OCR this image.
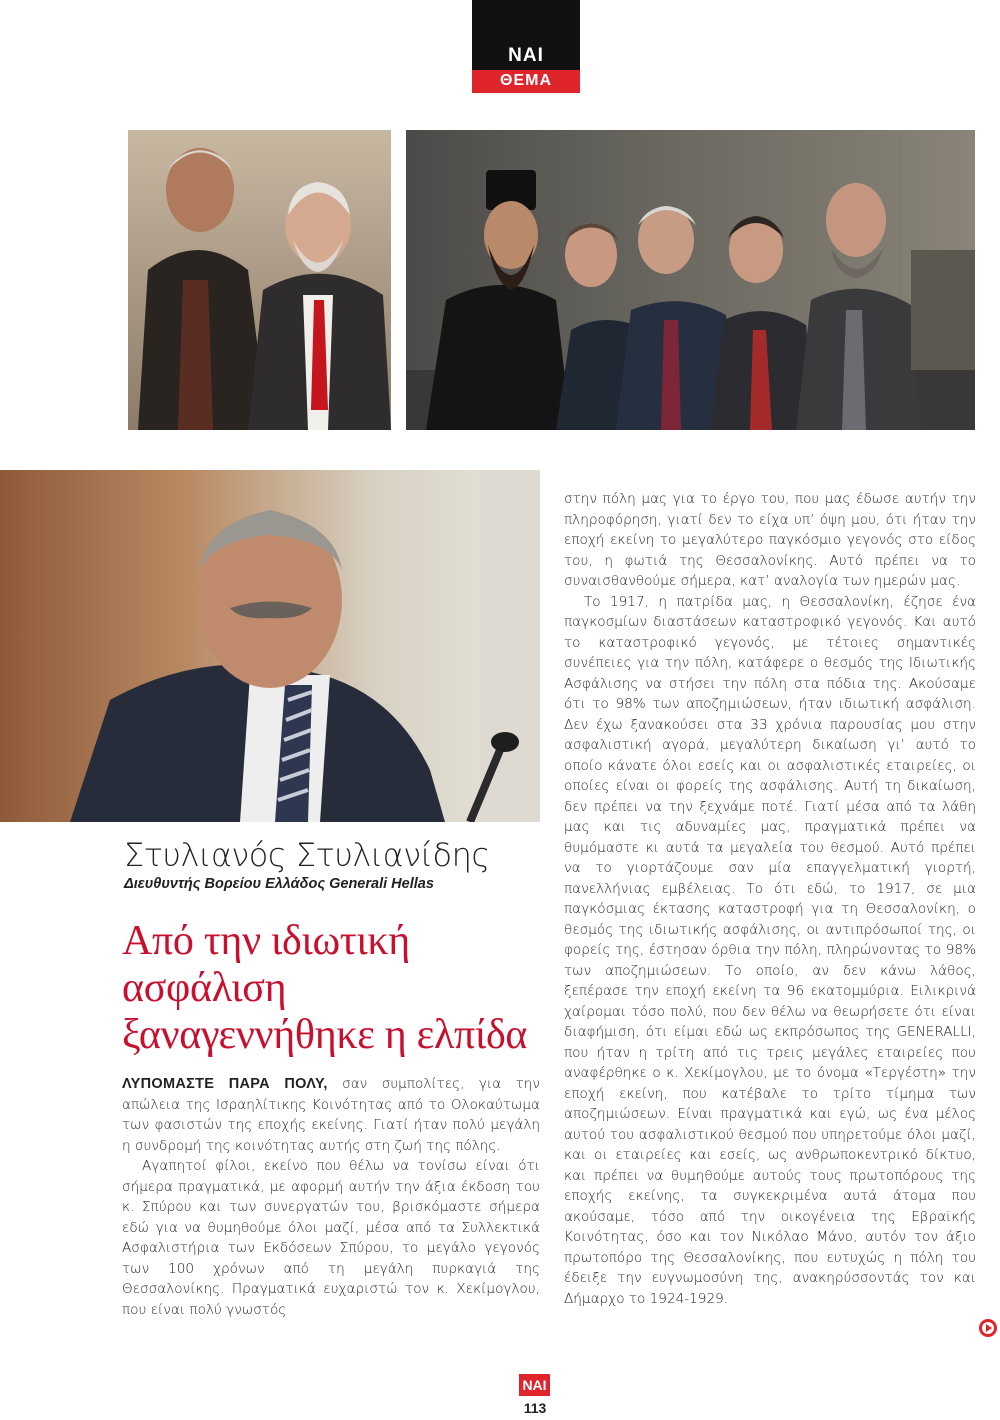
NAI
ΘΕΜΑ
Στυλιανός Στυλιανίδης
Διευθυντής Βορείου Ελλάδος Generali Hellas
Από την ιδιωτική
ασφάλιση
ξαναγεννήθηκε η ελπίδα

ΛΥΠΟΜΑΣΤΕ ΠΑΡΑ ΠΟΛΥ, σαν συμπολίτες, για την απώλεια της Ισραηλίτικης Κοινότητας από το Ολοκαύτωμα των φασιστών της εποχής εκείνης. Γιατί ήταν πολύ μεγάλη η συνδρομή της κοινότητας αυτής στη ζωή της πόλης.

Αγαπητοί φίλοι, εκείνο που θέλω να τονίσω είναι ότι σήμερα πραγματικά, με αφορμή αυτήν την άξια έκδοση του κ. Σπύρου και των συνεργατών του, βρισκόμαστε σήμερα εδώ για να θυμηθούμε όλοι μαζί, μέσα από τα Συλλεκτικά Ασφαλιστήρια των Εκδόσεων Σπύρου, το μεγάλο γεγονός των 100 χρόνων από τη μεγάλη πυρκαγιά της Θεσσαλονίκης. Πραγματικά ευχαριστώ τον κ. Χεκίμογλου, που είναι πολύ γνωστός

στην πόλη μας για το έργο του, που μας έδωσε αυτήν την πληροφόρηση, γιατί δεν το είχα υπ’ όψη μου, ότι ήταν την εποχή εκείνη το μεγαλύτερο παγκόσμιο γεγονός στο είδος του, η φωτιά της Θεσσαλονίκης. Αυτό πρέπει να το συναισθανθούμε σήμερα, κατ’ αναλογία των ημερών μας.

Το 1917, η πατρίδα μας, η Θεσσαλονίκη, έζησε ένα παγκοσμίων διαστάσεων καταστροφικό γεγονός. Και αυτό το καταστροφικό γεγονός, με τέτοιες σημαντικές συνέπειες για την πόλη, κατάφερε ο θεσμός της Ιδιωτικής Ασφάλισης να στήσει την πόλη στα πόδια της. Ακούσαμε ότι το 98% των αποζημιώσεων, ήταν ιδιωτική ασφάλιση. Δεν έχω ξανακούσει στα 33 χρόνια παρουσίας μου στην ασφαλιστική αγορά, μεγαλύτερη δικαίωση γι’ αυτό το οποίο κάνατε όλοι εσείς και οι ασφαλιστικές εταιρείες, οι οποίες είναι οι φορείς της ασφάλισης. Αυτή τη δικαίωση, δεν πρέπει να την ξεχνάμε ποτέ. Γιατί μέσα από τα λάθη μας και τις αδυναμίες μας, πραγματικά πρέπει να θυμόμαστε κι αυτά τα μεγαλεία του θεσμού. Αυτό πρέπει να το γιορτάζουμε σαν μία επαγγελματική γιορτή, πανελλήνιας εμβέλειας. Το ότι εδώ, το 1917, σε μια παγκόσμιας έκτασης καταστροφή για τη Θεσσαλονίκη, ο θεσμός της ιδιωτικής ασφάλισης, οι αντιπρόσωποί της, οι φορείς της, έστησαν όρθια την πόλη, πληρώνοντας το 98% των αποζημιώσεων. Το οποίο, αν δεν κάνω λάθος, ξεπέρασε την εποχή εκείνη τα 96 εκατομμύρια. Ειλικρινά χαίρομαι τόσο πολύ, που δεν θέλω να θεωρήσετε ότι είναι διαφήμιση, ότι είμαι εδώ ως εκπρόσωπος της GENERALLI, που ήταν η τρίτη από τις τρεις μεγάλες εταιρείες που αναφέρθηκε ο κ. Χεκίμογλου, με το όνομα «Τεργέστη» την εποχή εκείνη, που κατέβαλε το τρίτο τίμημα των αποζημιώσεων. Είναι πραγματικά και εγώ, ως ένα μέλος αυτού του ασφαλιστικού θεσμού που υπηρετούμε όλοι μαζί, και οι εταιρείες και εσείς, ως ανθρωποκεντρικό δίκτυο, και πρέπει να θυμηθούμε αυτούς τους πρωτοπόρους της εποχής εκείνης, τα συγκεκριμένα αυτά άτομα που ακούσαμε, τόσο από την οικογένεια της Εβραϊκής Κοινότητας, όσο και τον Νικόλαο Μάνο, αυτόν τον άξιο πρωτοπόρο της Θεσσαλονίκης, που ευτυχώς η πόλη του έδειξε την ευγνωμοσύνη της, ανακηρύσσοντάς τον και Δήμαρχο το 1924-1929.

NAI
113
